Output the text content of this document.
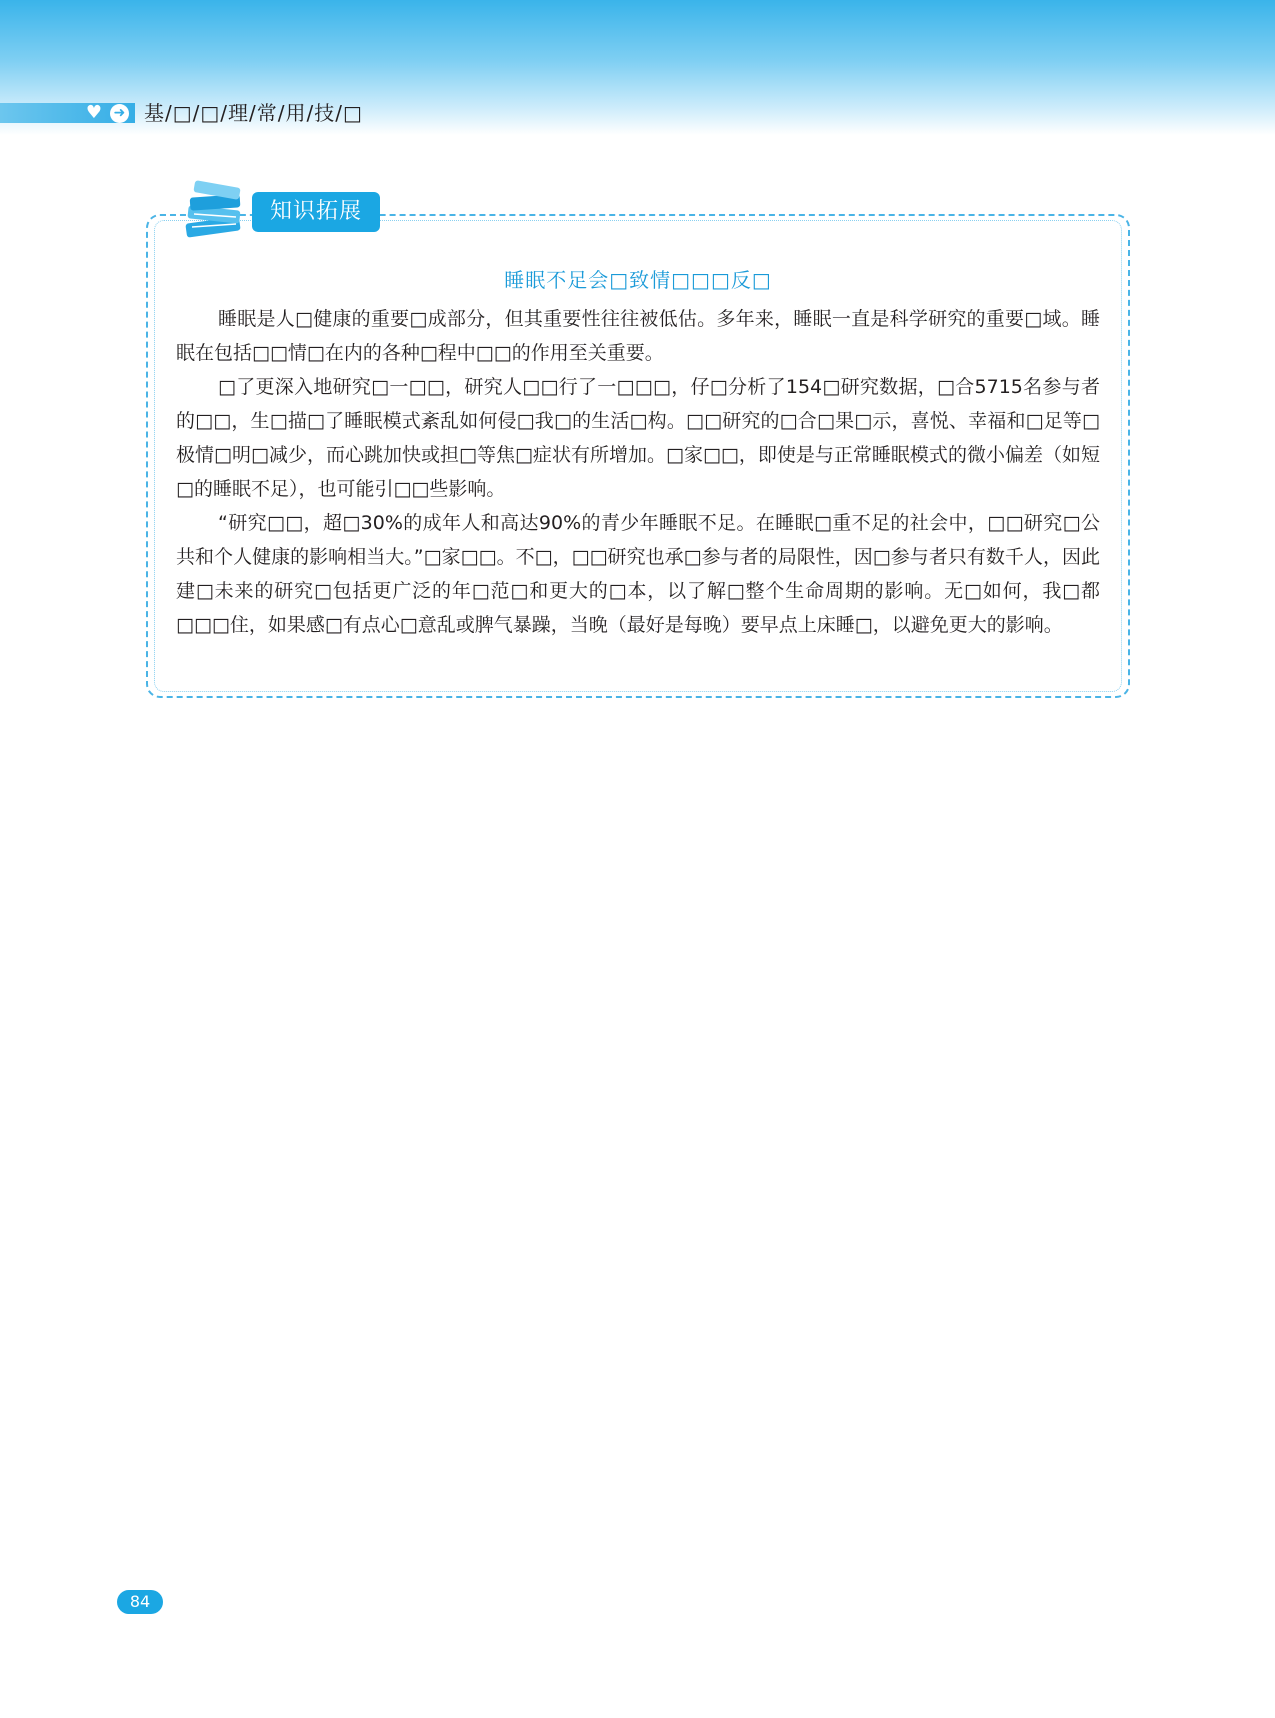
♥ ➜ 基/□/□/理/常/用/技/□
知识拓展
睡眠不足会□致情□□□反□

睡眠是人□健康的重要□成部分，但其重要性往往被低估。多年来，睡眠一直是科学研究的重要□域。睡眠在包括□□情□在内的各种□程中□□的作用至关重要。

□了更深入地研究□一□□，研究人□□行了一□□□，仔□分析了154□研究数据，□合5715名参与者的□□，生□描□了睡眠模式紊乱如何侵□我□的生活□构。□□研究的□合□果□示，喜悦、幸福和□足等□极情□明□减少，而心跳加快或担□等焦□症状有所增加。□家□□，即使是与正常睡眠模式的微小偏差（如短□的睡眠不足），也可能引□□些影响。

“研究□□，超□30%的成年人和高达90%的青少年睡眠不足。在睡眠□重不足的社会中，□□研究□公共和个人健康的影响相当大。”□家□□。不□，□□研究也承□参与者的局限性，因□参与者只有数千人，因此建□未来的研究□包括更广泛的年□范□和更大的□本，以了解□整个生命周期的影响。无□如何，我□都□□□住，如果感□有点心□意乱或脾气暴躁，当晚（最好是每晚）要早点上床睡□，以避免更大的影响。

84
